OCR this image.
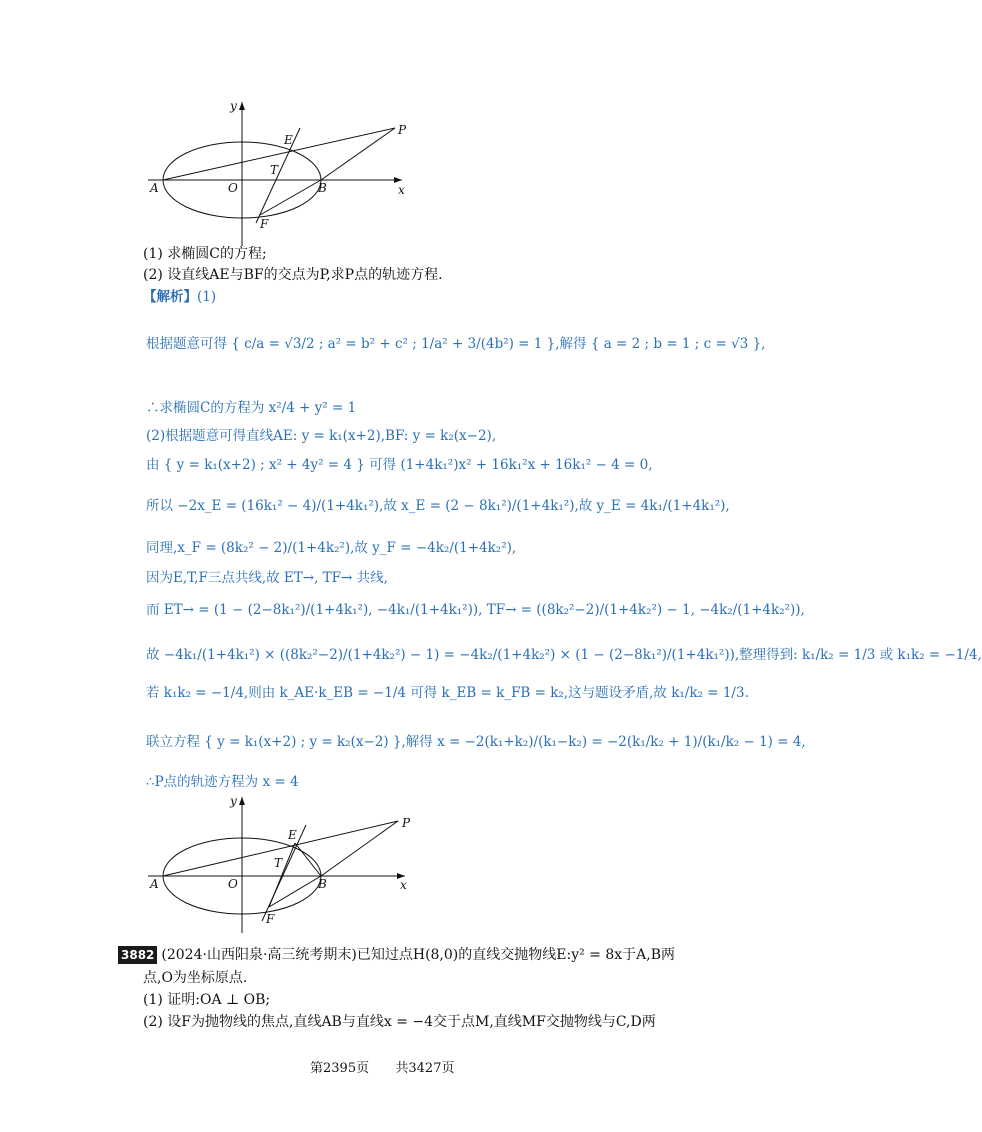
y
x
P
E
T
A	O	B
F
(1) 求椭圆C的方程;
(2) 设直线AE与BF的交点为P,求P点的轨迹方程.
【解析】(1)
根据题意可得 { c/a = √3/2 ; a² = b² + c² ; 1/a² + 3/(4b²) = 1 },解得 { a = 2 ; b = 1 ; c = √3 },
∴求椭圆C的方程为 x²/4 + y² = 1
(2)根据题意可得直线AE: y = k₁(x+2),BF: y = k₂(x−2),
由 { y = k₁(x+2) ; x² + 4y² = 4 } 可得 (1+4k₁²)x² + 16k₁²x + 16k₁² − 4 = 0,
所以 −2x_E = (16k₁² − 4)/(1+4k₁²),故 x_E = (2 − 8k₁²)/(1+4k₁²),故 y_E = 4k₁/(1+4k₁²),
同理,x_F = (8k₂² − 2)/(1+4k₂²),故 y_F = −4k₂/(1+4k₂²),
因为E,T,F三点共线,故 ET→, TF→ 共线,
而 ET→ = (1 − (2−8k₁²)/(1+4k₁²), −4k₁/(1+4k₁²)), TF→ = ((8k₂²−2)/(1+4k₂²) − 1, −4k₂/(1+4k₂²)),
故 −4k₁/(1+4k₁²) × ((8k₂²−2)/(1+4k₂²) − 1) = −4k₂/(1+4k₂²) × (1 − (2−8k₁²)/(1+4k₁²)),整理得到: k₁/k₂ = 1/3 或 k₁k₂ = −1/4,
若 k₁k₂ = −1/4,则由 k_AE·k_EB = −1/4 可得 k_EB = k_FB = k₂,这与题设矛盾,故 k₁/k₂ = 1/3.
联立方程 { y = k₁(x+2) ; y = k₂(x−2) },解得 x = −2(k₁+k₂)/(k₁−k₂) = −2(k₁/k₂ + 1)/(k₁/k₂ − 1) = 4,
∴P点的轨迹方程为 x = 4
y
x
P
E
T
A	O	B
F
3882 (2024·山西阳泉·高三统考期末)已知过点H(8,0)的直线交抛物线E:y² = 8x于A,B两
点,O为坐标原点.
(1) 证明:OA ⊥ OB;
(2) 设F为抛物线的焦点,直线AB与直线x = −4交于点M,直线MF交抛物线与C,D两
第2395页 共3427页
